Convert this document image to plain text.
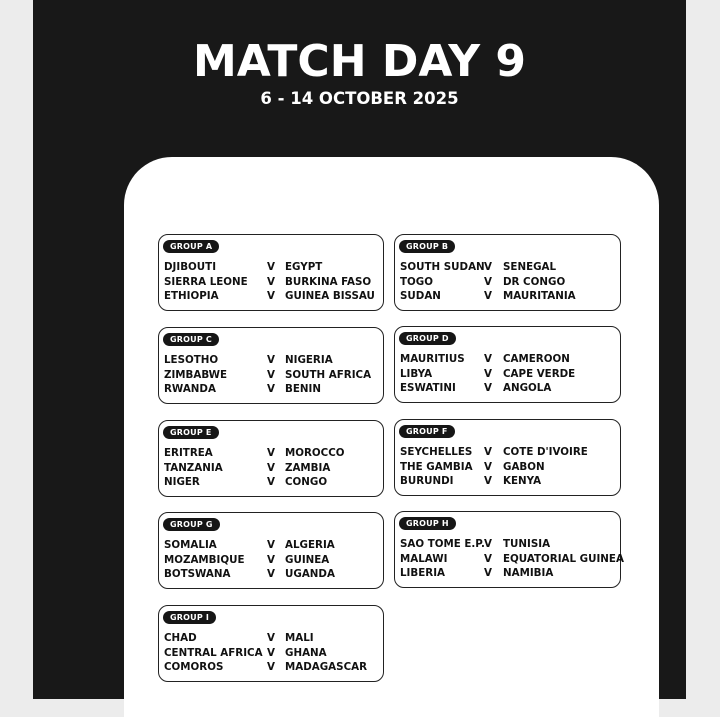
MATCH DAY 9
6 - 14 OCTOBER 2025
GROUP A
DJIBOUTI	V EGYPT
SIERRA LEONE V BURKINA FASO
ETHIOPIA	V GUINEA BISSAU
GROUP B
SOUTH SUDAN V SENEGAL
TOGO	V DR CONGO
SUDAN	V MAURITANIA
GROUP C
LESOTHO	V NIGERIA
ZIMBABWE	V SOUTH AFRICA
RWANDA	V BENIN
GROUP D
MAURITIUS V CAMEROON
LIBYA	V CAPE VERDE
ESWATINI	V ANGOLA
GROUP E
ERITREA	V MOROCCO
TANZANIA	V ZAMBIA
NIGER	V CONGO
GROUP F
SEYCHELLES V COTE D'IVOIRE
THE GAMBIA V GABON
BURUNDI	V KENYA
GROUP G
SOMALIA	V ALGERIA
MOZAMBIQUE V GUINEA
BOTSWANA	V UGANDA
GROUP H
SAO TOME E.P. V TUNISIA
MALAWI	V EQUATORIAL GUINEA
LIBERIA	V NAMIBIA
GROUP I
CHAD	V MALI
CENTRAL AFRICA V GHANA
COMOROS	V MADAGASCAR
